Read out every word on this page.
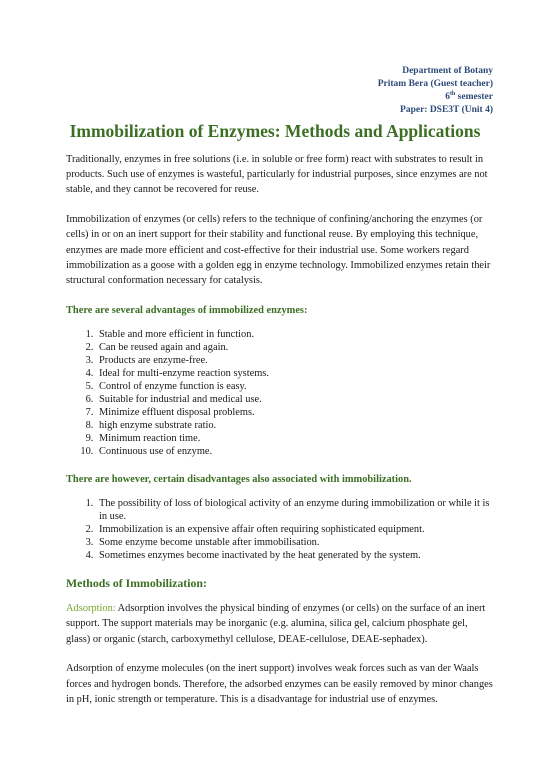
Department of Botany
Pritam Bera (Guest teacher)
6th semester
Paper: DSE3T (Unit 4)
Immobilization of Enzymes: Methods and Applications

Traditionally, enzymes in free solutions (i.e. in soluble or free form) react with substrates to result in products. Such use of enzymes is wasteful, particularly for industrial purposes, since enzymes are not stable, and they cannot be recovered for reuse.

Immobilization of enzymes (or cells) refers to the technique of confining/anchoring the enzymes (or cells) in or on an inert support for their stability and functional reuse. By employing this technique, enzymes are made more efficient and cost-effective for their industrial use. Some workers regard immobilization as a goose with a golden egg in enzyme technology. Immobilized enzymes retain their structural conformation necessary for catalysis.

There are several advantages of immobilized enzymes:
1. Stable and more efficient in function.
2. Can be reused again and again.
3. Products are enzyme-free.
4. Ideal for multi-enzyme reaction systems.
5. Control of enzyme function is easy.
6. Suitable for industrial and medical use.
7. Minimize effluent disposal problems.
8. high enzyme substrate ratio.
9. Minimum reaction time.
10. Continuous use of enzyme.
There are however, certain disadvantages also associated with immobilization.
1. The possibility of loss of biological activity of an enzyme during immobilization or while it is in use.
2. Immobilization is an expensive affair often requiring sophisticated equipment.
3. Some enzyme become unstable after immobilisation.
4. Sometimes enzymes become inactivated by the heat generated by the system.
Methods of Immobilization:

Adsorption: Adsorption involves the physical binding of enzymes (or cells) on the surface of an inert support. The support materials may be inorganic (e.g. alumina, silica gel, calcium phosphate gel, glass) or organic (starch, carboxymethyl cellulose, DEAE-cellulose, DEAE-sephadex).

Adsorption of enzyme molecules (on the inert support) involves weak forces such as van der Waals forces and hydrogen bonds. Therefore, the adsorbed enzymes can be easily removed by minor changes in pH, ionic strength or temperature. This is a disadvantage for industrial use of enzymes.
